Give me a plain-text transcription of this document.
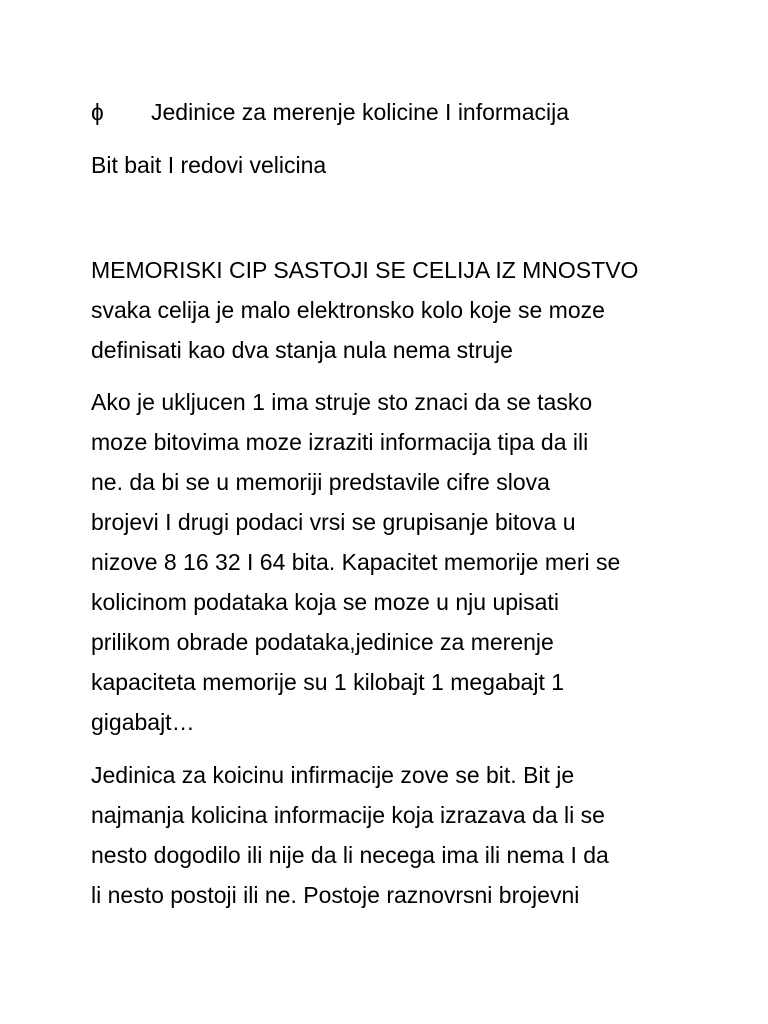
ɸ Jedinice za merenje kolicine I informacija
Bit bait I redovi velicina
MEMORISKI CIP SASTOJI SE CELIJA IZ MNOSTVO
svaka celija je malo elektronsko kolo koje se moze
definisati kao dva stanja nula nema struje
Ako je ukljucen 1 ima struje sto znaci da se tasko
moze bitovima moze izraziti informacija tipa da ili
ne. da bi se u memoriji predstavile cifre slova
brojevi I drugi podaci vrsi se grupisanje bitova u
nizove 8 16 32 I 64 bita. Kapacitet memorije meri se
kolicinom podataka koja se moze u nju upisati
prilikom obrade podataka,jedinice za merenje
kapaciteta memorije su 1 kilobajt 1 megabajt 1
gigabajt…
Jedinica za koicinu infirmacije zove se bit. Bit je
najmanja kolicina informacije koja izrazava da li se
nesto dogodilo ili nije da li necega ima ili nema I da
li nesto postoji ili ne. Postoje raznovrsni brojevni
